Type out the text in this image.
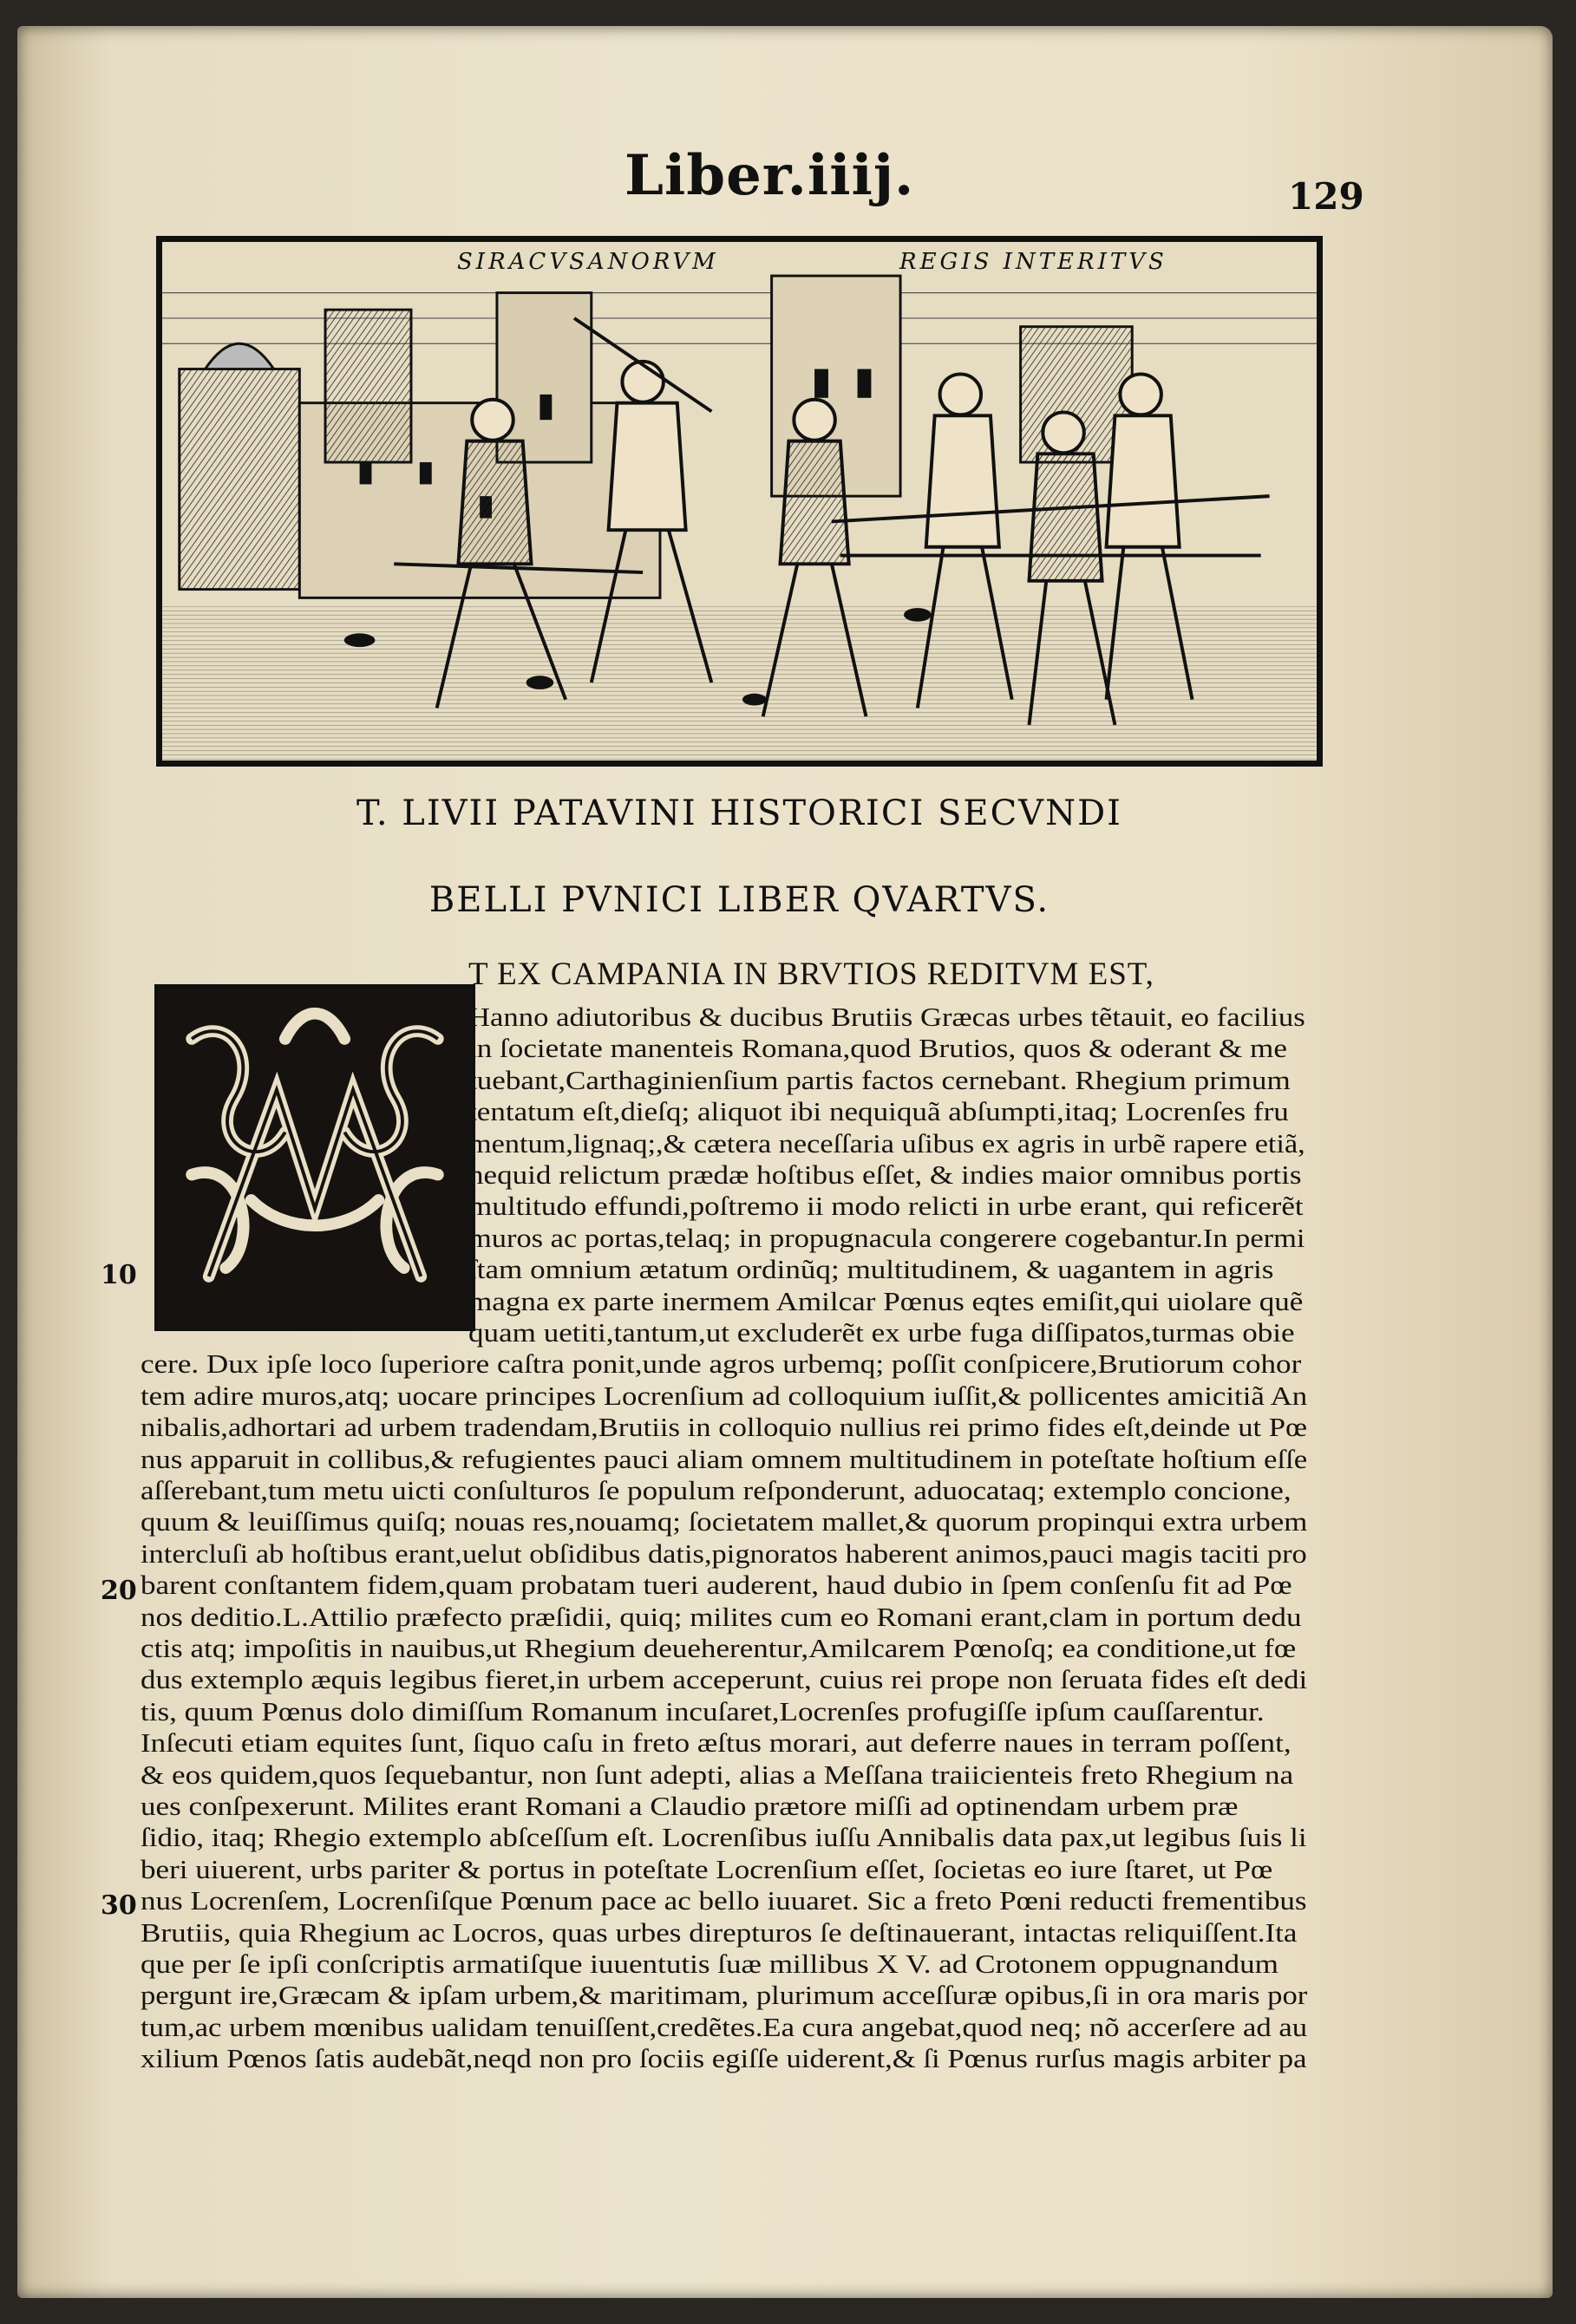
Liber.iiij.	129
SIRACVSANORVM	REGIS INTERITVS
T. LIVII PATAVINI HISTORICI SECVNDI
BELLI PVNICI LIBER QVARTVS.
T EX CAMPANIA IN BRVTIOS REDITVM EST,
Hanno adiutoribus & ducibus Brutiis Græcas urbes tẽtauit, eo facilius
in ſocietate manenteis Romana,quod Brutios, quos & oderant & me
tuebant,Carthaginienſium partis factos cernebant. Rhegium primum
tentatum eſt,dieſq; aliquot ibi nequiquã abſumpti,itaq; Locrenſes fru
mentum,lignaq;,& cætera neceſſaria uſibus ex agris in urbẽ rapere etiã,
nequid relictum prædæ hoſtibus eſſet, & indies maior omnibus portis
multitudo effundi,poſtremo ii modo relicti in urbe erant, qui reficerẽt
muros ac portas,telaq; in propugnacula congerere cogebantur.In permi
ſtam omnium ætatum ordinũq; multitudinem, & uagantem in agris
magna ex parte inermem Amilcar Pœnus eqtes emiſit,qui uiolare quẽ
quam uetiti,tantum,ut excluderẽt ex urbe fuga diſſipatos,turmas obie
cere. Dux ipſe loco ſuperiore caſtra ponit,unde agros urbemq; poſſit conſpicere,Brutiorum cohor
tem adire muros,atq; uocare principes Locrenſium ad colloquium iuſſit,& pollicentes amicitiã An
nibalis,adhortari ad urbem tradendam,Brutiis in colloquio nullius rei primo fides eſt,deinde ut Pœ
nus apparuit in collibus,& refugientes pauci aliam omnem multitudinem in poteſtate hoſtium eſſe
aſſerebant,tum metu uicti conſulturos ſe populum reſponderunt, aduocataq; extemplo concione,
quum & leuiſſimus quiſq; nouas res,nouamq; ſocietatem mallet,& quorum propinqui extra urbem
intercluſi ab hoſtibus erant,uelut obſidibus datis,pignoratos haberent animos,pauci magis taciti pro
barent conſtantem fidem,quam probatam tueri auderent, haud dubio in ſpem conſenſu fit ad Pœ
nos deditio.L.Attilio præfecto præſidii, quiq; milites cum eo Romani erant,clam in portum dedu
ctis atq; impoſitis in nauibus,ut Rhegium deueherentur,Amilcarem Pœnoſq; ea conditione,ut fœ
dus extemplo æquis legibus fieret,in urbem acceperunt, cuius rei prope non ſeruata fides eſt dedi
tis, quum Pœnus dolo dimiſſum Romanum incuſaret,Locrenſes profugiſſe ipſum cauſſarentur.
Inſecuti etiam equites ſunt, ſiquo caſu in freto æſtus morari, aut deferre naues in terram poſſent,
& eos quidem,quos ſequebantur, non ſunt adepti, alias a Meſſana traiicienteis freto Rhegium na
ues conſpexerunt. Milites erant Romani a Claudio prætore miſſi ad optinendam urbem præ
ſidio, itaq; Rhegio extemplo abſceſſum eſt. Locrenſibus iuſſu Annibalis data pax,ut legibus ſuis li
beri uiuerent, urbs pariter & portus in poteſtate Locrenſium eſſet, ſocietas eo iure ſtaret, ut Pœ
nus Locrenſem, Locrenſiſque Pœnum pace ac bello iuuaret. Sic a freto Pœni reducti frementibus
Brutiis, quia Rhegium ac Locros, quas urbes direpturos ſe deſtinauerant, intactas reliquiſſent.Ita
que per ſe ipſi conſcriptis armatiſque iuuentutis ſuæ millibus X V. ad Crotonem oppugnandum
pergunt ire,Græcam & ipſam urbem,& maritimam, plurimum acceſſuræ opibus,ſi in ora maris por
tum,ac urbem mœnibus ualidam tenuiſſent,credẽtes.Ea cura angebat,quod neq; nõ accerſere ad au
xilium Pœnos ſatis audebãt,neqd non pro ſociis egiſſe uiderent,& ſi Pœnus rurſus magis arbiter pa
10
20
30
